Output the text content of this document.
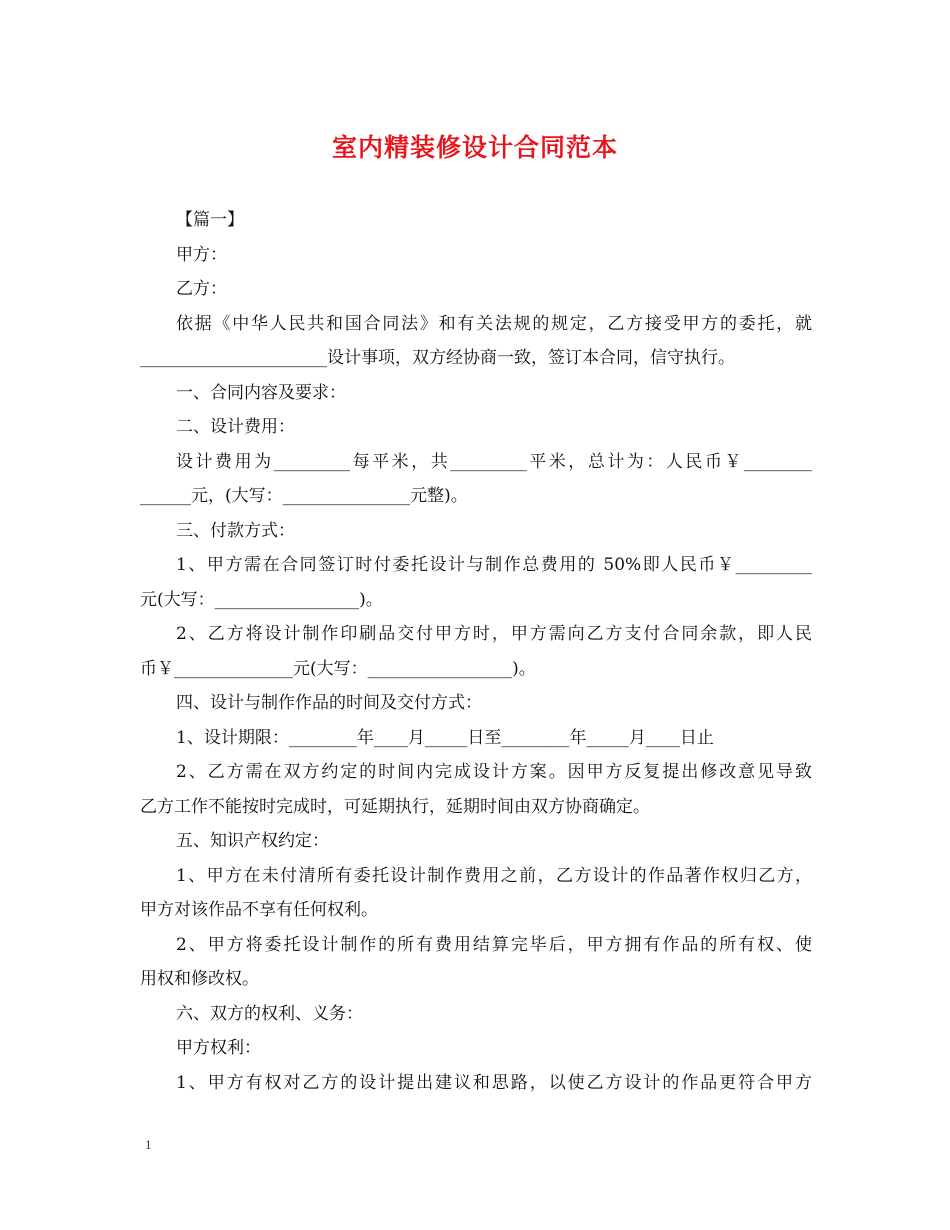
室内精装修设计合同范本
【篇一】
甲方：
乙方：
依据《中华人民共和国合同法》和有关法规的规定，乙方接受甲方的委托，就
______________________设计事项，双方经协商一致，签订本合同，信守执行。
一、合同内容及要求：
二、设计费用：
设计费用为_________每平米，共_________平米，总计为：人民币￥________
______元，(大写：_______________元整)。
三、付款方式：
1、甲方需在合同签订时付委托设计与制作总费用的 50%即人民币￥_________
元(大写：_________________)。
2、乙方将设计制作印刷品交付甲方时，甲方需向乙方支付合同余款，即人民
币￥______________元(大写：_________________)。
四、设计与制作作品的时间及交付方式：
1、设计期限：________年____月_____日至________年_____月____日止
2、乙方需在双方约定的时间内完成设计方案。因甲方反复提出修改意见导致
乙方工作不能按时完成时，可延期执行，延期时间由双方协商确定。
五、知识产权约定：
1、甲方在未付清所有委托设计制作费用之前，乙方设计的作品著作权归乙方，
甲方对该作品不享有任何权利。
2、甲方将委托设计制作的所有费用结算完毕后，甲方拥有作品的所有权、使
用权和修改权。
六、双方的权利、义务：
甲方权利：
1、甲方有权对乙方的设计提出建议和思路，以使乙方设计的作品更符合甲方
1
